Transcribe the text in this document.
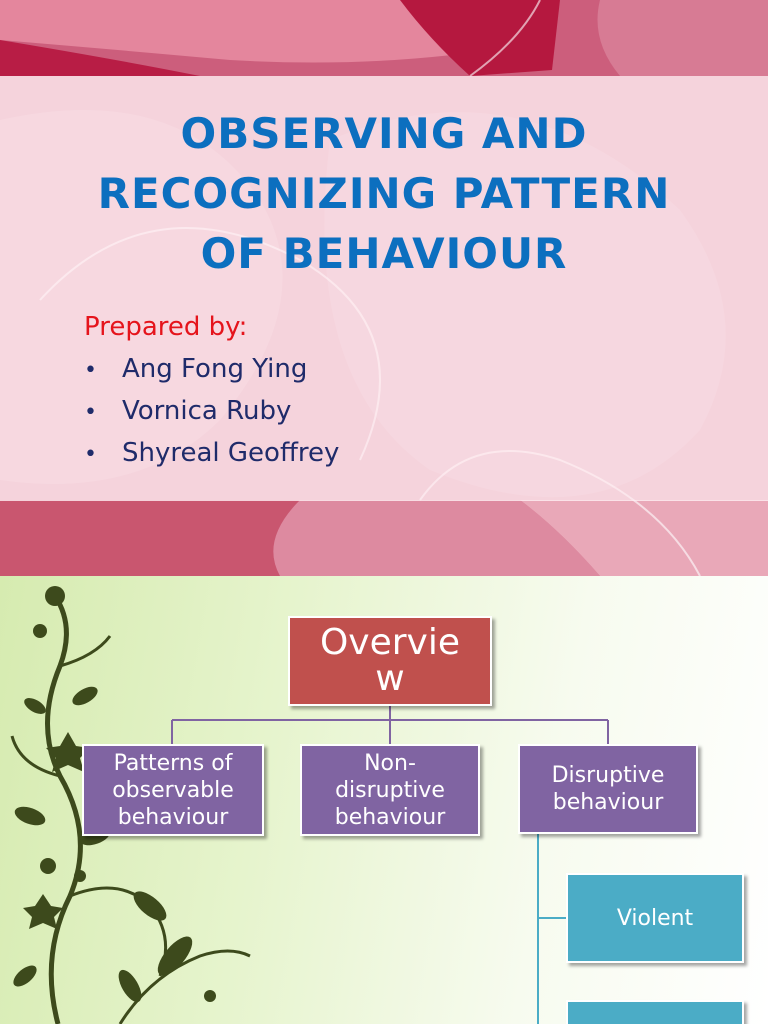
OBSERVING AND
RECOGNIZING PATTERN
OF BEHAVIOUR
Prepared by:
• Ang Fong Ying
• Vornica Ruby
• Shyreal Geoffrey
Overvie
w
Patterns of
observable
behaviour
Non-
disruptive
behaviour
Disruptive
behaviour
Violent
